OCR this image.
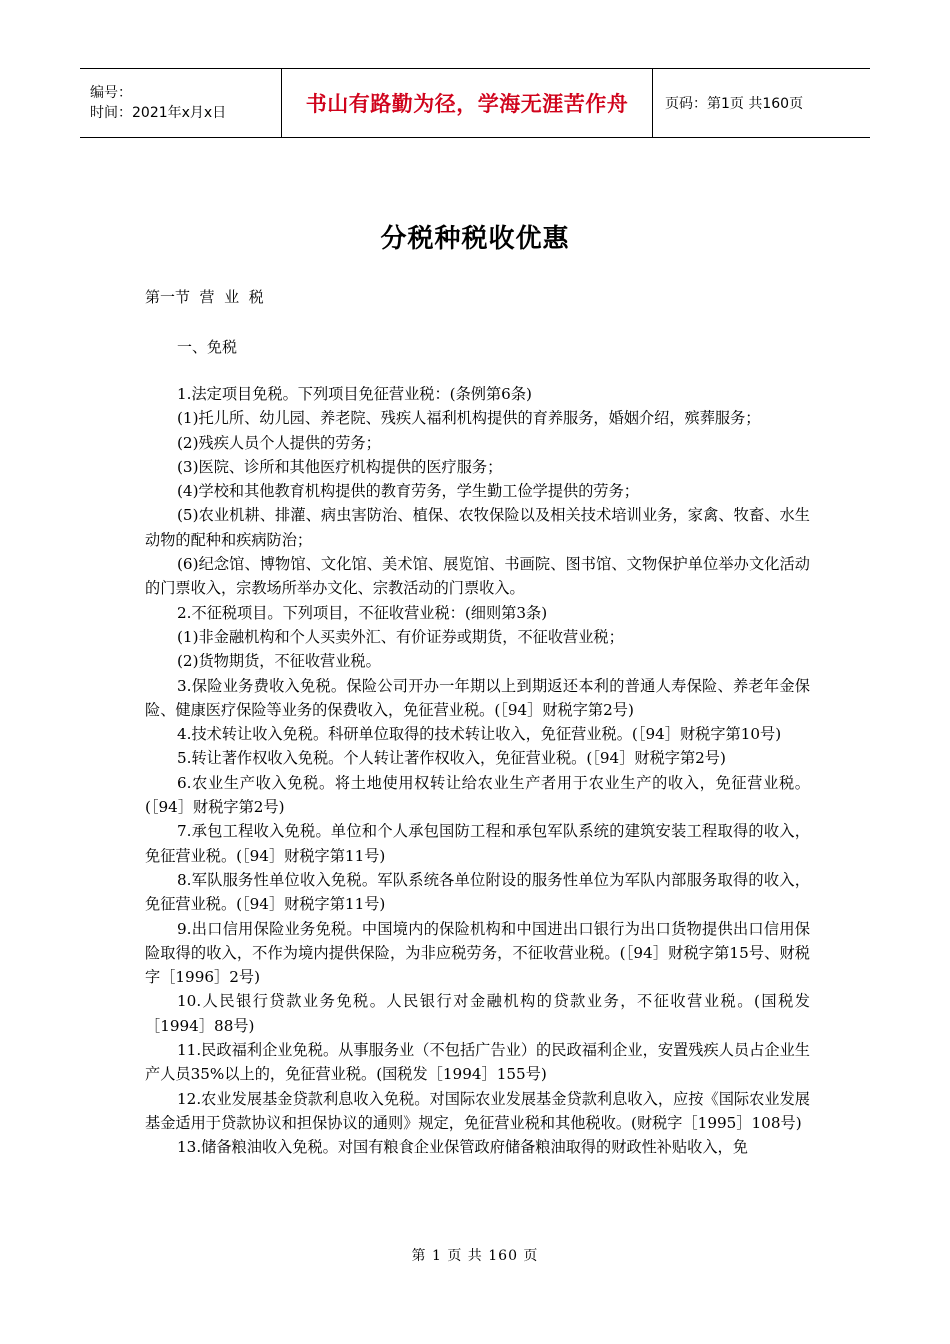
编号：
时间：2021年x月x日	书山有路勤为径，学海无涯苦作舟	页码：第1页 共160页
分税种税收优惠
第一节  营  业  税
一、免税

1.法定项目免税。下列项目免征营业税：(条例第6条)

(1)托儿所、幼儿园、养老院、残疾人福利机构提供的育养服务，婚姻介绍，殡葬服务；

(2)残疾人员个人提供的劳务；

(3)医院、诊所和其他医疗机构提供的医疗服务；

(4)学校和其他教育机构提供的教育劳务，学生勤工俭学提供的劳务；

(5)农业机耕、排灌、病虫害防治、植保、农牧保险以及相关技术培训业务，家禽、牧畜、水生动物的配种和疾病防治；

(6)纪念馆、博物馆、文化馆、美术馆、展览馆、书画院、图书馆、文物保护单位举办文化活动的门票收入，宗教场所举办文化、宗教活动的门票收入。

2.不征税项目。下列项目，不征收营业税：(细则第3条)

(1)非金融机构和个人买卖外汇、有价证券或期货，不征收营业税；

(2)货物期货，不征收营业税。

3.保险业务费收入免税。保险公司开办一年期以上到期返还本利的普通人寿保险、养老年金保险、健康医疗保险等业务的保费收入，免征营业税。(［94］财税字第2号)

4.技术转让收入免税。科研单位取得的技术转让收入，免征营业税。(［94］财税字第10号)

5.转让著作权收入免税。个人转让著作权收入，免征营业税。(［94］财税字第2号)

6.农业生产收入免税。将土地使用权转让给农业生产者用于农业生产的收入，免征营业税。(［94］财税字第2号)

7.承包工程收入免税。单位和个人承包国防工程和承包军队系统的建筑安装工程取得的收入，免征营业税。(［94］财税字第11号)

8.军队服务性单位收入免税。军队系统各单位附设的服务性单位为军队内部服务取得的收入，免征营业税。(［94］财税字第11号)

9.出口信用保险业务免税。中国境内的保险机构和中国进出口银行为出口货物提供出口信用保险取得的收入，不作为境内提供保险，为非应税劳务，不征收营业税。(［94］财税字第15号、财税字［1996］2号)

10.人民银行贷款业务免税。人民银行对金融机构的贷款业务，不征收营业税。(国税发［1994］88号)

11.民政福利企业免税。从事服务业（不包括广告业）的民政福利企业，安置残疾人员占企业生产人员35%以上的，免征营业税。(国税发［1994］155号)

12.农业发展基金贷款利息收入免税。对国际农业发展基金贷款利息收入，应按《国际农业发展基金适用于贷款协议和担保协议的通则》规定，免征营业税和其他税收。(财税字［1995］108号)

13.储备粮油收入免税。对国有粮食企业保管政府储备粮油取得的财政性补贴收入，免

第 1 页 共 160 页
